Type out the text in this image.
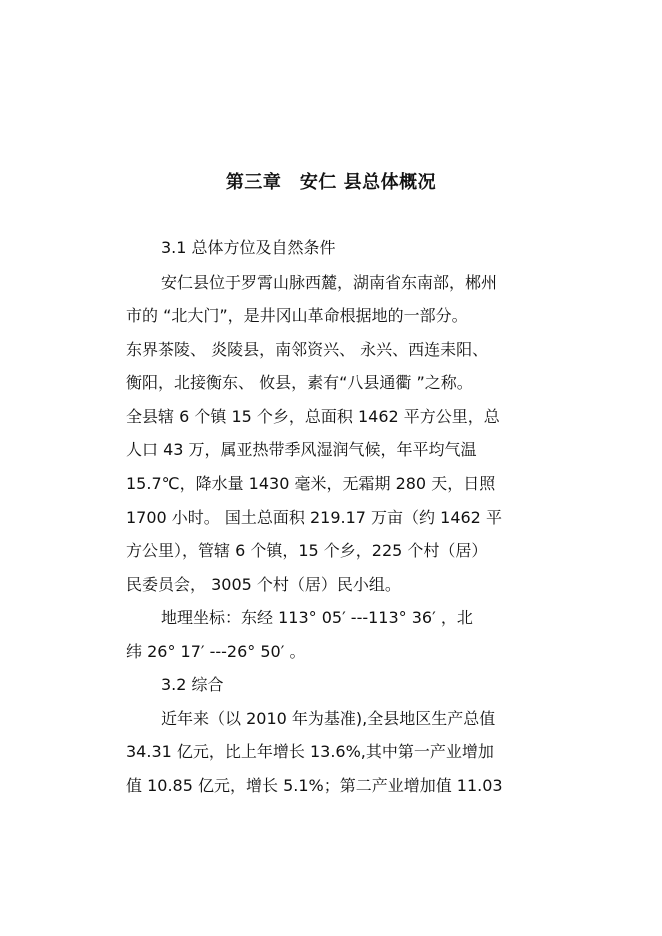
第三章　安仁 县总体概况
3.1 总体方位及自然条件
安仁县位于罗霄山脉西麓，湖南省东南部，郴州
市的 “北大门”，是井冈山革命根据地的一部分。
东界茶陵、 炎陵县，南邻资兴、 永兴、西连耒阳、
衡阳，北接衡东、 攸县，素有“八县通衢 ”之称。
全县辖 6 个镇 15 个乡，总面积 1462 平方公里，总
人口 43 万，属亚热带季风湿润气候，年平均气温
15.7℃，降水量 1430 毫米，无霜期 280 天，日照
1700 小时。 国土总面积 219.17 万亩（约 1462 平
方公里），管辖 6 个镇，15 个乡，225 个村（居）
民委员会， 3005 个村（居）民小组。
地理坐标：东经 113° 05′ ---113° 36′ ，北
纬 26° 17′ ---26° 50′ 。
3.2 综合
近年来（以 2010 年为基准),全县地区生产总值
34.31 亿元，比上年增长 13.6%,其中第一产业增加
值 10.85 亿元，增长 5.1%；第二产业增加值 11.03
